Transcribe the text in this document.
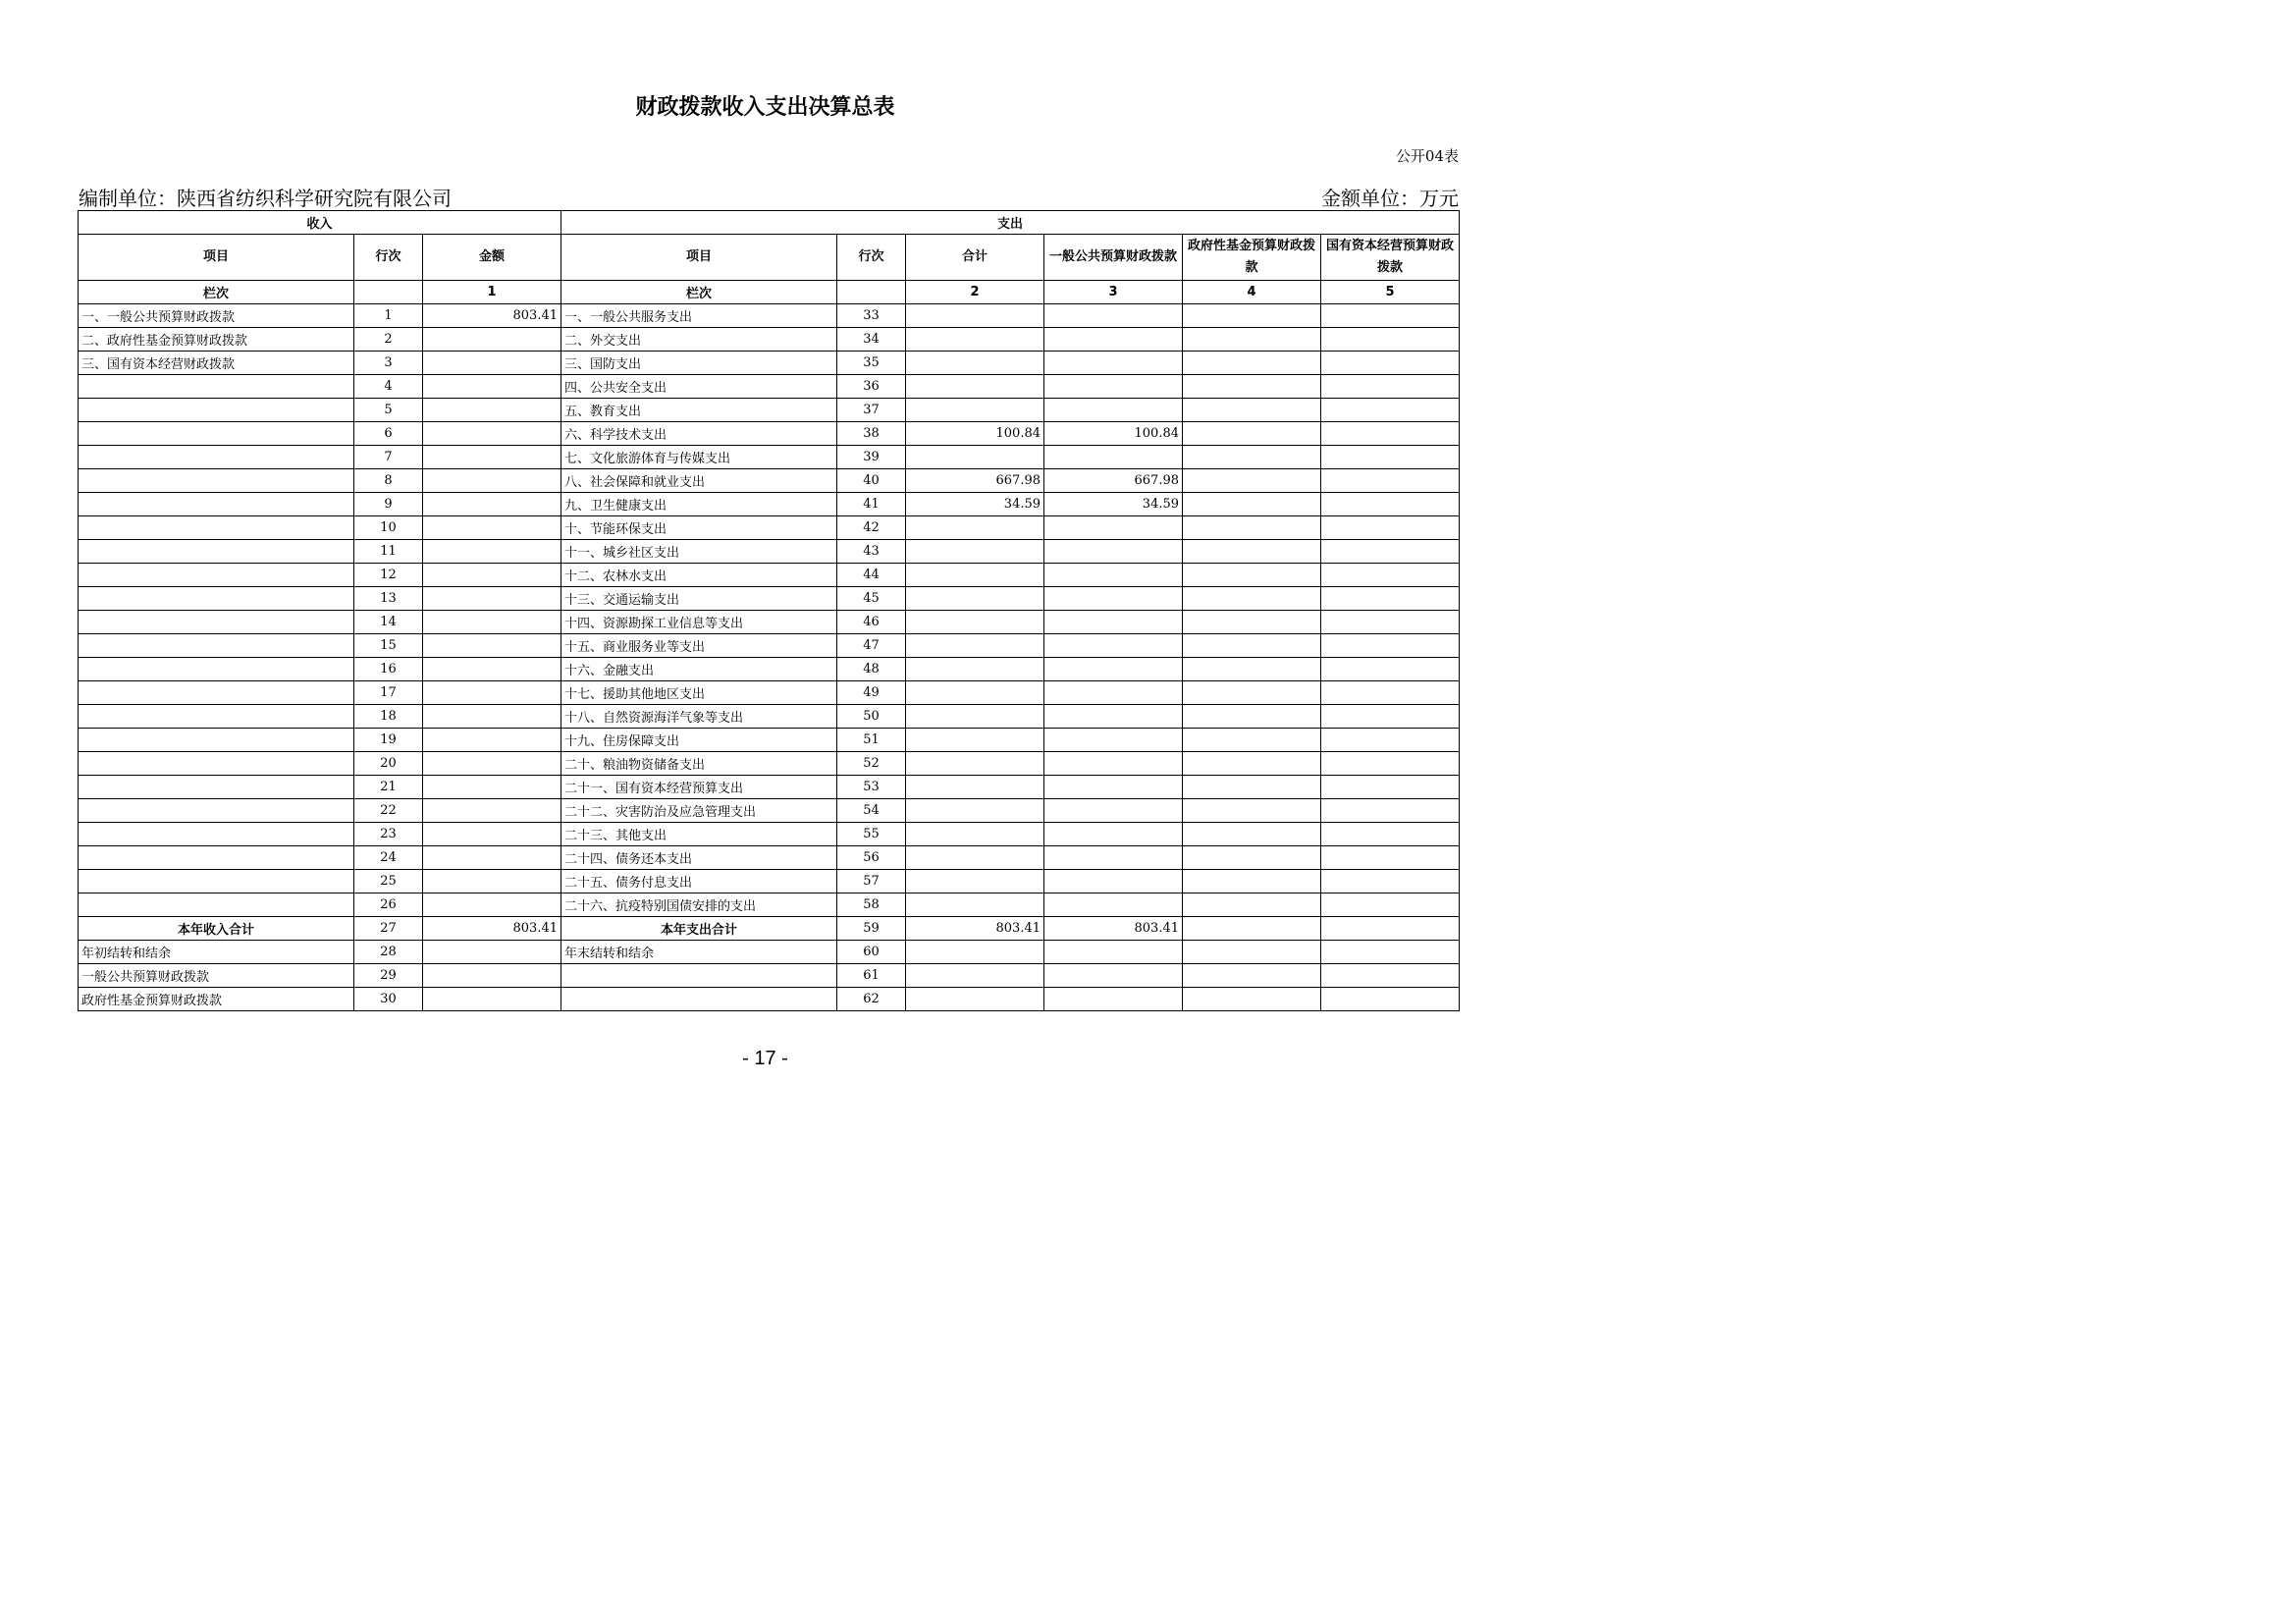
财政拨款收入支出决算总表
公开04表
编制单位：陕西省纺织科学研究院有限公司	金额单位：万元
收入			支出					
项目	行次	金额	项目	行次	合计	一般公共预算财政拨款	政府性基金预算财政拨款	国有资本经营预算财政拨款
栏次		1	栏次		2	3	4	5
一、一般公共预算财政拨款	1	803.41	一、一般公共服务支出	33				
二、政府性基金预算财政拨款	2		二、外交支出	34				
三、国有资本经营财政拨款	3		三、国防支出	35				
	4		四、公共安全支出	36				
	5		五、教育支出	37				
	6		六、科学技术支出	38	100.84	100.84		
	7		七、文化旅游体育与传媒支出	39				
	8		八、社会保障和就业支出	40	667.98	667.98		
	9		九、卫生健康支出	41	34.59	34.59		
	10		十、节能环保支出	42				
	11		十一、城乡社区支出	43				
	12		十二、农林水支出	44				
	13		十三、交通运输支出	45				
	14		十四、资源勘探工业信息等支出	46				
	15		十五、商业服务业等支出	47				
	16		十六、金融支出	48				
	17		十七、援助其他地区支出	49				
	18		十八、自然资源海洋气象等支出	50				
	19		十九、住房保障支出	51				
	20		二十、粮油物资储备支出	52				
	21		二十一、国有资本经营预算支出	53				
	22		二十二、灾害防治及应急管理支出	54				
	23		二十三、其他支出	55				
	24		二十四、债务还本支出	56				
	25		二十五、债务付息支出	57				
	26		二十六、抗疫特别国债安排的支出	58				
本年收入合计	27	803.41	本年支出合计	59	803.41	803.41		
年初结转和结余	28		年末结转和结余	60				
一般公共预算财政拨款	29			61				
政府性基金预算财政拨款	30			62				
- 17 -
